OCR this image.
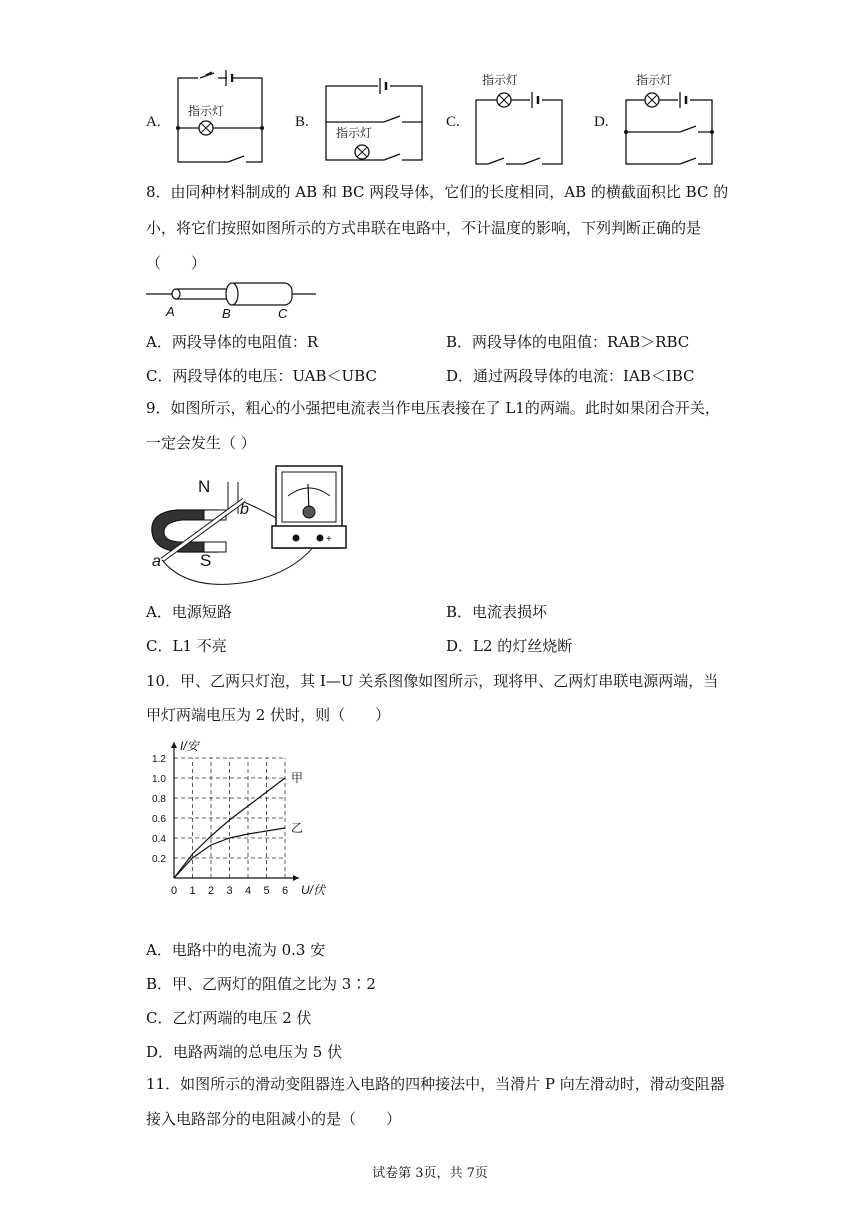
A.
指示灯
B.
指示灯
C.
指示灯
D.
指示灯
8．由同种材料制成的 AB 和 BC 两段导体，它们的长度相同，AB 的横截面积比 BC 的
小，将它们按照如图所示的方式串联在电路中，不计温度的影响，下列判断正确的是
（　　）
A	B	C
A．两段导体的电阻值：R	B．两段导体的电阻值：RAB＞RBC
C．两段导体的电压：UAB＜UBC	D．通过两段导体的电流：IAB＜IBC
9．如图所示，粗心的小强把电流表当作电压表接在了 L1的两端。此时如果闭合开关，
一定会发生（ ）
N
S
a
b
+
A．电源短路	B．电流表损坏
C．L1 不亮	D．L2 的灯丝烧断
10．甲、乙两只灯泡，其 I—U 关系图像如图所示，现将甲、乙两灯串联电源两端，当
甲灯两端电压为 2 伏时，则（　　）
0 1 2 3 4 5 6
0.2
0.4
0.6
0.8
1.0
1.2
U/伏
I/安
甲
乙
A．电路中的电流为 0.3 安
B．甲、乙两灯的阻值之比为 3∶2
C．乙灯两端的电压 2 伏
D．电路两端的总电压为 5 伏
11．如图所示的滑动变阻器连入电路的四种接法中，当滑片 P 向左滑动时，滑动变阻器
接入电路部分的电阻减小的是（　　）
试卷第 3页，共 7页
